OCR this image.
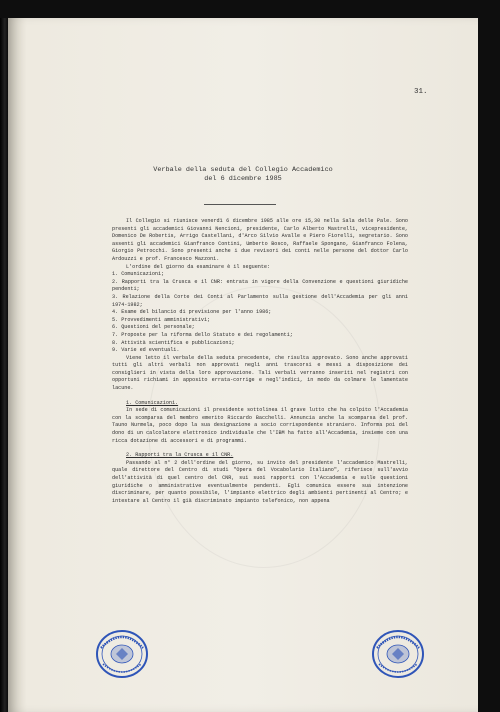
31.
Verbale della seduta del Collegio Accademico
del 6 dicembre 1985

Il Collegio si riunisce venerdì 6 dicembre 1985 alle ore 15,30 nella Sala delle Pale. Sono presenti gli accademici Giovanni Nencioni, presidente, Carlo Alberto Mastrelli, vicepresidente, Domenico De Robertis, Arrigo Castellani, d'Arco Silvio Avalle e Piero Fiorelli, segretario. Sono assenti gli accademici Gianfranco Contini, Umberto Bosco, Raffaele Spongano, Gianfranco Folena, Giorgio Petrocchi. Sono presenti anche i due revisori dei conti nelle persone del dottor Carlo Ardouzzi e prof. Francesco Mazzoni.

L'ordine del giorno da esaminare è il seguente:

1. Comunicazioni;

2. Rapporti tra la Crusca e il CNR: entrata in vigore della Convenzione e questioni giuridiche pendenti;

3. Relazione della Corte dei Conti al Parlamento sulla gestione dell'Accademia per gli anni 1974-1982;

4. Esame del bilancio di previsione per l'anno 1986;

5. Provvedimenti amministrativi;

6. Questioni del personale;

7. Proposte per la riforma dello Statuto e dei regolamenti;

8. Attività scientifica e pubblicazioni;

9. Varie ed eventuali.

Viene letto il verbale della seduta precedente, che risulta approvato. Sono anche approvati tutti gli altri verbali non approvati negli anni trascorsi e messi a disposizione dei consiglieri in vista della loro approvazione. Tali verbali verranno inseriti nel registri con opportuni richiami in apposito errata-corrige e negl'indici, in modo da colmare le lamentate lacune.

1. Comunicazioni.

In sede di comunicazioni il presidente sottolinea il grave lutto che ha colpito l'Accademia con la scomparsa del membro emerito Riccardo Bacchelli. Annuncia anche la scomparsa del prof. Tauno Nurmela, poco dopo la sua designazione a socio corrispondente straniero. Informa poi del dono di un calcolatore elettronico individuale che l'IBM ha fatto all'Accademia, insieme con una ricca dotazione di accessori e di programmi.

2. Rapporti tra la Crusca e il CNR.

Passando al n° 2 dell'ordine del giorno, su invito del presidente l'accademico Mastrelli, quale direttore del Centro di studi "Opera del Vocabolario Italiano", riferisce sull'avvio dell'attività di quel centro del CNR, sui suoi rapporti con l'Accademia e sulle questioni giuridiche o amministrative eventualmente pendenti. Egli comunica essere sua intenzione discriminare, per quanto possibile, l'impianto elettrico degli ambienti pertinenti al Centro; e intestare al Centro il già discriminato impianto telefonico, non appena
